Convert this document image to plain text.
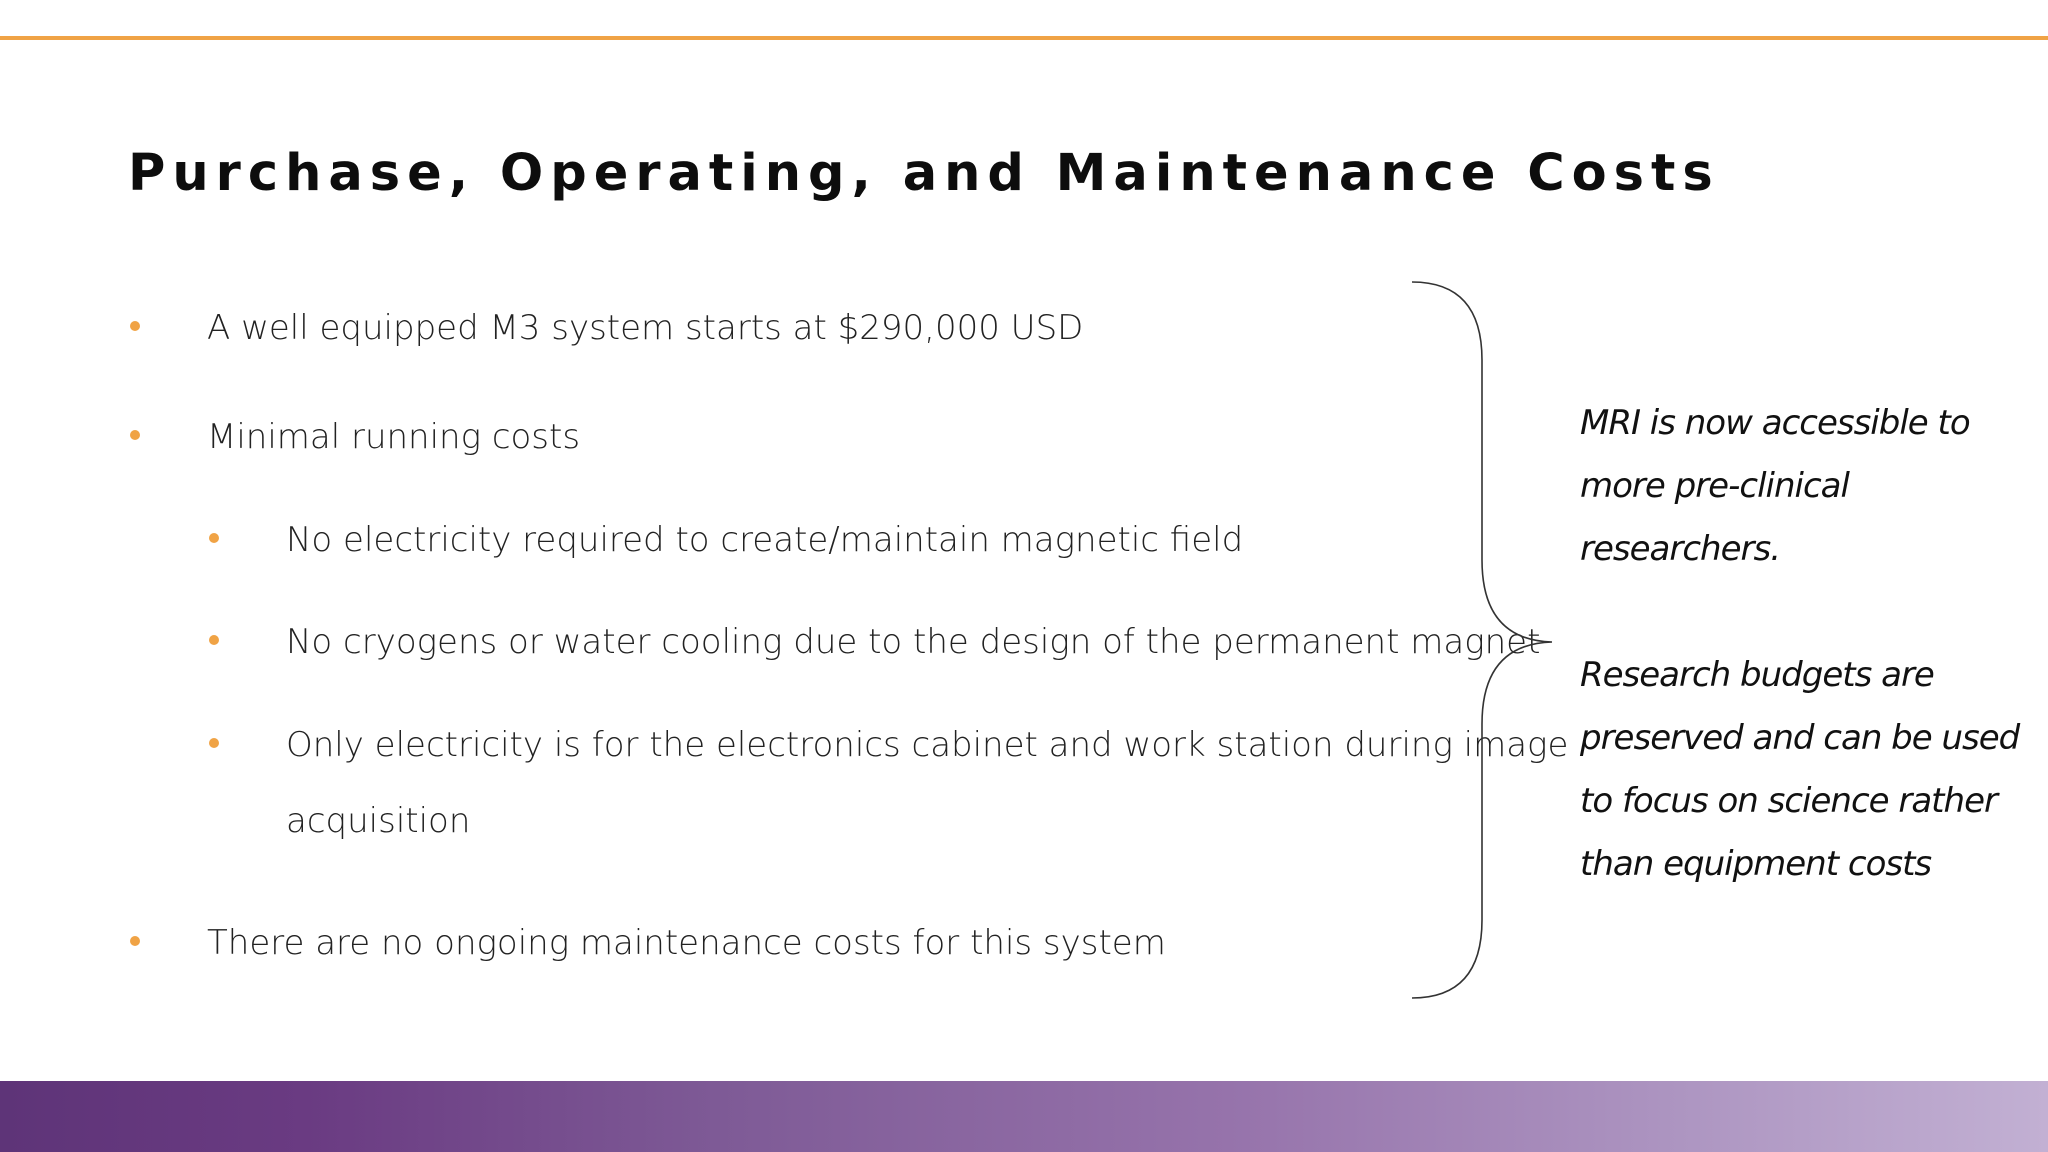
Purchase, Operating, and Maintenance Costs
A well equipped M3 system starts at $290,000 USD
Minimal running costs
No electricity required to create/maintain magnetic field
No cryogens or water cooling due to the design of the permanent magnet
Only electricity is for the electronics cabinet and work station during image
acquisition
There are no ongoing maintenance costs for this system
MRI is now accessible to
more pre-clinical
researchers.
Research budgets are
preserved and can be used
to focus on science rather
than equipment costs
